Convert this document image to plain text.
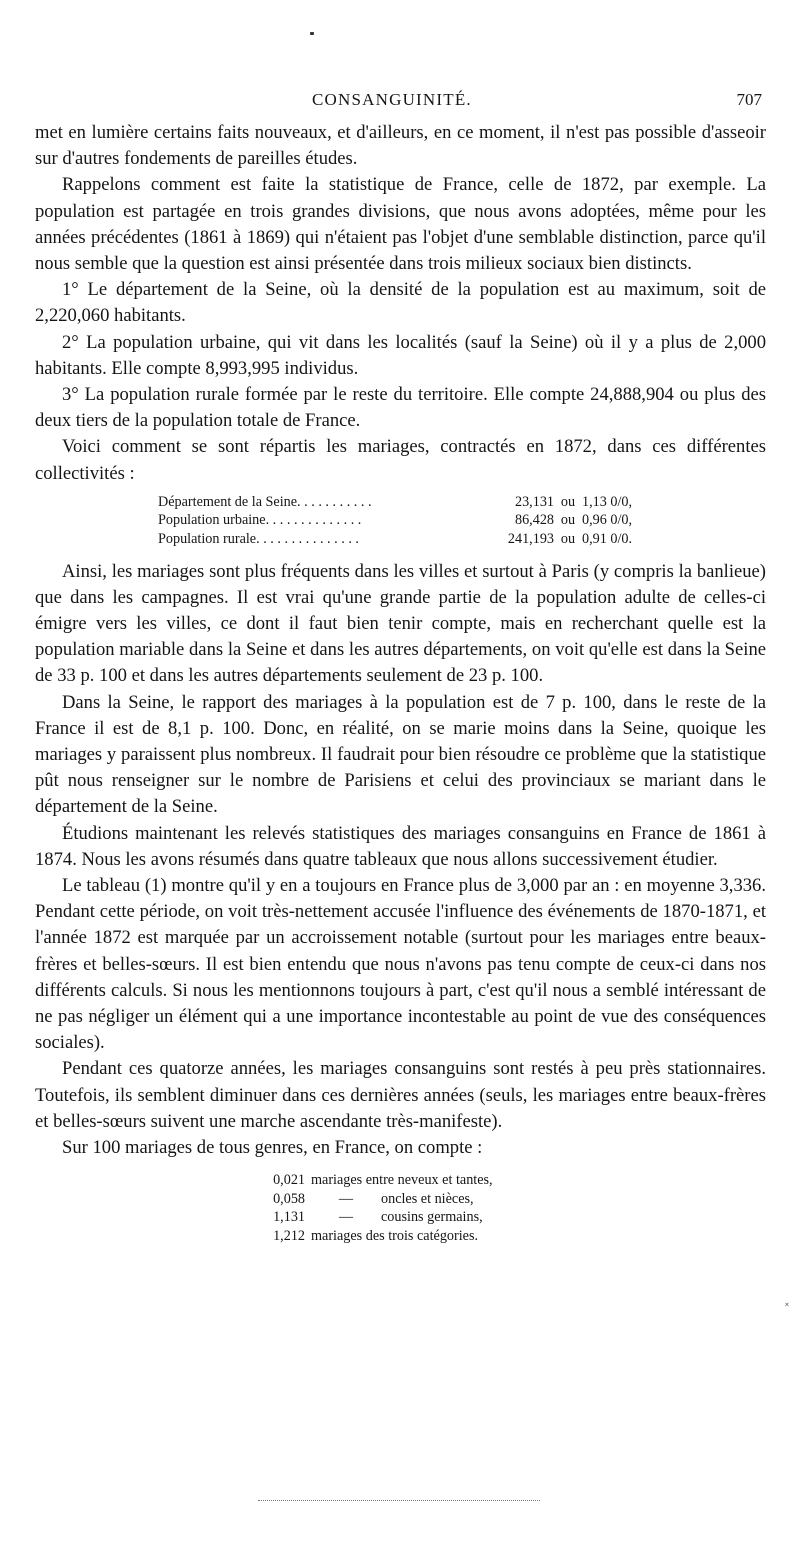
CONSANGUINITÉ.	707

met en lumière certains faits nouveaux, et d'ailleurs, en ce moment, il n'est pas possible d'asseoir sur d'autres fondements de pareilles études.

Rappelons comment est faite la statistique de France, celle de 1872, par exemple. La population est partagée en trois grandes divisions, que nous avons adoptées, même pour les années précédentes (1861 à 1869) qui n'étaient pas l'objet d'une semblable distinction, parce qu'il nous semble que la question est ainsi présentée dans trois milieux sociaux bien distincts.

1° Le département de la Seine, où la densité de la population est au maximum, soit de 2,220,060 habitants.

2° La population urbaine, qui vit dans les localités (sauf la Seine) où il y a plus de 2,000 habitants. Elle compte 8,993,995 individus.

3° La population rurale formée par le reste du territoire. Elle compte 24,888,904 ou plus des deux tiers de la population totale de France.

Voici comment se sont répartis les mariages, contractés en 1872, dans ces différentes collectivités :

Département de la Seine. . . . . . . . . . .	23,131 ou 1,13 0/0,
Population urbaine. . . . . . . . . . . . . .	86,428 ou 0,96 0/0,
Population rurale. . . . . . . . . . . . . . .	241,193 ou 0,91 0/0.

Ainsi, les mariages sont plus fréquents dans les villes et surtout à Paris (y compris la banlieue) que dans les campagnes. Il est vrai qu'une grande partie de la population adulte de celles-ci émigre vers les villes, ce dont il faut bien tenir compte, mais en recherchant quelle est la population mariable dans la Seine et dans les autres départements, on voit qu'elle est dans la Seine de 33 p. 100 et dans les autres départements seulement de 23 p. 100.

Dans la Seine, le rapport des mariages à la population est de 7 p. 100, dans le reste de la France il est de 8,1 p. 100. Donc, en réalité, on se marie moins dans la Seine, quoique les mariages y paraissent plus nombreux. Il faudrait pour bien résoudre ce problème que la statistique pût nous renseigner sur le nombre de Parisiens et celui des provinciaux se mariant dans le département de la Seine.

Étudions maintenant les relevés statistiques des mariages consanguins en France de 1861 à 1874. Nous les avons résumés dans quatre tableaux que nous allons successivement étudier.

Le tableau (1) montre qu'il y en a toujours en France plus de 3,000 par an : en moyenne 3,336. Pendant cette période, on voit très-nettement accusée l'influence des événements de 1870-1871, et l'année 1872 est marquée par un accroissement notable (surtout pour les mariages entre beaux-frères et belles-sœurs. Il est bien entendu que nous n'avons pas tenu compte de ceux-ci dans nos différents calculs. Si nous les mentionnons toujours à part, c'est qu'il nous a semblé intéressant de ne pas négliger un élément qui a une importance incontestable au point de vue des conséquences sociales).

Pendant ces quatorze années, les mariages consanguins sont restés à peu près stationnaires. Toutefois, ils semblent diminuer dans ces dernières années (seuls, les mariages entre beaux-frères et belles-sœurs suivent une marche ascendante très-manifeste).

Sur 100 mariages de tous genres, en France, on compte :

0,021 mariages entre neveux et tantes,
0,058	— oncles et nièces,
1,131	— cousins germains,
1,212 mariages des trois catégories.
˟
